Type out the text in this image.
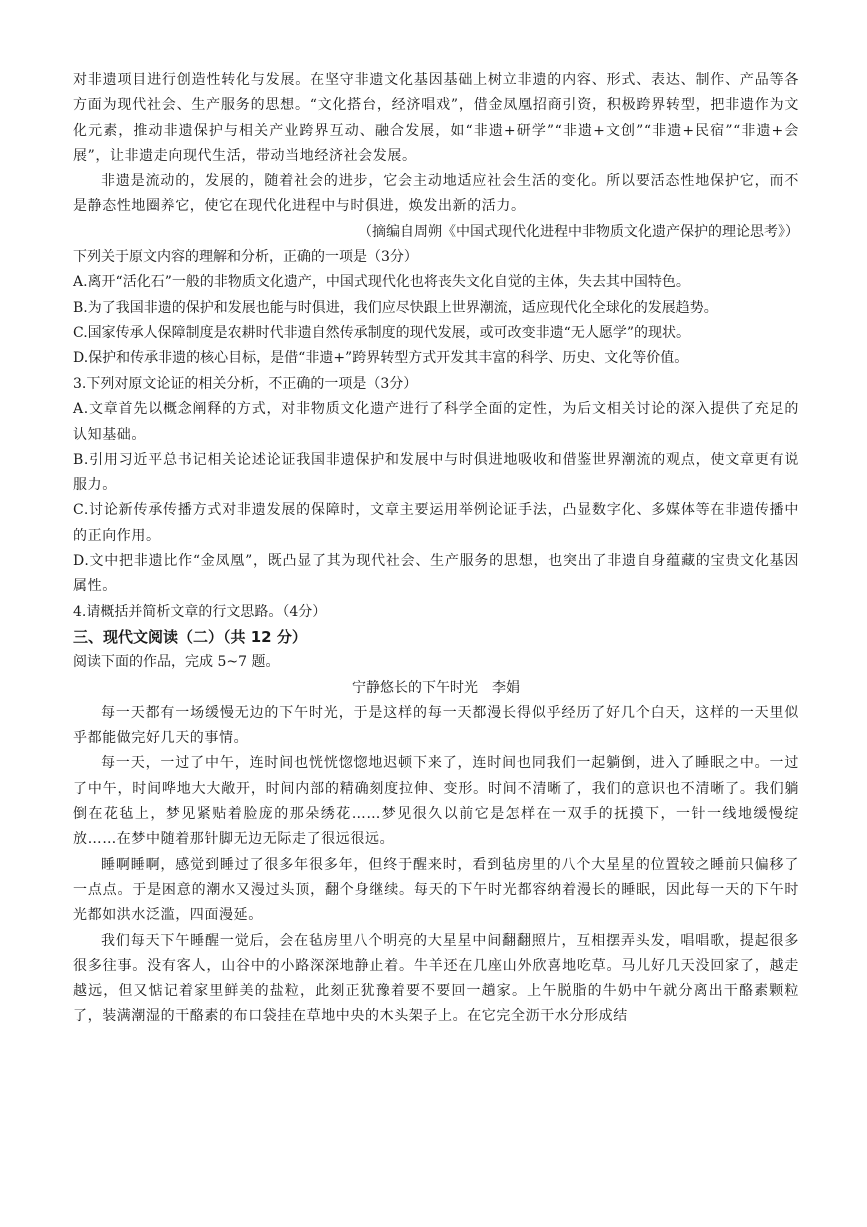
对非遗项目进行创造性转化与发展。在坚守非遗文化基因基础上树立非遗的内容、形式、表达、制作、产品等各方面为现代社会、生产服务的思想。“文化搭台，经济唱戏”，借金凤凰招商引资，积极跨界转型，把非遗作为文化元素，推动非遗保护与相关产业跨界互动、融合发展，如“非遗+研学”“非遗+文创”“非遗+民宿”“非遗+会展”，让非遗走向现代生活，带动当地经济社会发展。

非遗是流动的，发展的，随着社会的进步，它会主动地适应社会生活的变化。所以要活态性地保护它，而不是静态性地圈养它，使它在现代化进程中与时俱进，焕发出新的活力。

（摘编自周朔《中国式现代化进程中非物质文化遗产保护的理论思考》）

下列关于原文内容的理解和分析，正确的一项是（3分）

A.离开“活化石”一般的非物质文化遗产，中国式现代化也将丧失文化自觉的主体，失去其中国特色。

B.为了我国非遗的保护和发展也能与时俱进，我们应尽快跟上世界潮流，适应现代化全球化的发展趋势。

C.国家传承人保障制度是农耕时代非遗自然传承制度的现代发展，或可改变非遗“无人愿学”的现状。

D.保护和传承非遗的核心目标，是借“非遗+”跨界转型方式开发其丰富的科学、历史、文化等价值。

3.下列对原文论证的相关分析，不正确的一项是（3分）

A.文章首先以概念阐释的方式，对非物质文化遗产进行了科学全面的定性，为后文相关讨论的深入提供了充足的认知基础。

B.引用习近平总书记相关论述论证我国非遗保护和发展中与时俱进地吸收和借鉴世界潮流的观点，使文章更有说服力。

C.讨论新传承传播方式对非遗发展的保障时，文章主要运用举例论证手法，凸显数字化、多媒体等在非遗传播中的正向作用。

D.文中把非遗比作“金凤凰”，既凸显了其为现代社会、生产服务的思想，也突出了非遗自身蕴藏的宝贵文化基因属性。

4.请概括并简析文章的行文思路。（4分）

三、现代文阅读（二）（共 12 分）

阅读下面的作品，完成 5~7 题。

宁静悠长的下午时光　李娟

每一天都有一场缓慢无边的下午时光，于是这样的每一天都漫长得似乎经历了好几个白天，这样的一天里似乎都能做完好几天的事情。

每一天，一过了中午，连时间也恍恍惚惚地迟顿下来了，连时间也同我们一起躺倒，进入了睡眠之中。一过了中午，时间哗地大大敞开，时间内部的精确刻度拉伸、变形。时间不清晰了，我们的意识也不清晰了。我们躺倒在花毡上，梦见紧贴着脸庞的那朵绣花……梦见很久以前它是怎样在一双手的抚摸下，一针一线地缓慢绽放……在梦中随着那针脚无边无际走了很远很远。

睡啊睡啊，感觉到睡过了很多年很多年，但终于醒来时，看到毡房里的八个大星星的位置较之睡前只偏移了一点点。于是困意的潮水又漫过头顶，翻个身继续。每天的下午时光都容纳着漫长的睡眠，因此每一天的下午时光都如洪水泛滥，四面漫延。

我们每天下午睡醒一觉后，会在毡房里八个明亮的大星星中间翻翻照片，互相摆弄头发，唱唱歌，提起很多很多往事。没有客人，山谷中的小路深深地静止着。牛羊还在几座山外欣喜地吃草。马儿好几天没回家了，越走越远，但又惦记着家里鲜美的盐粒，此刻正犹豫着要不要回一趟家。上午脱脂的牛奶中午就分离出干酪素颗粒了，装满潮湿的干酪素的布口袋挂在草地中央的木头架子上。在它完全沥干水分形成结
